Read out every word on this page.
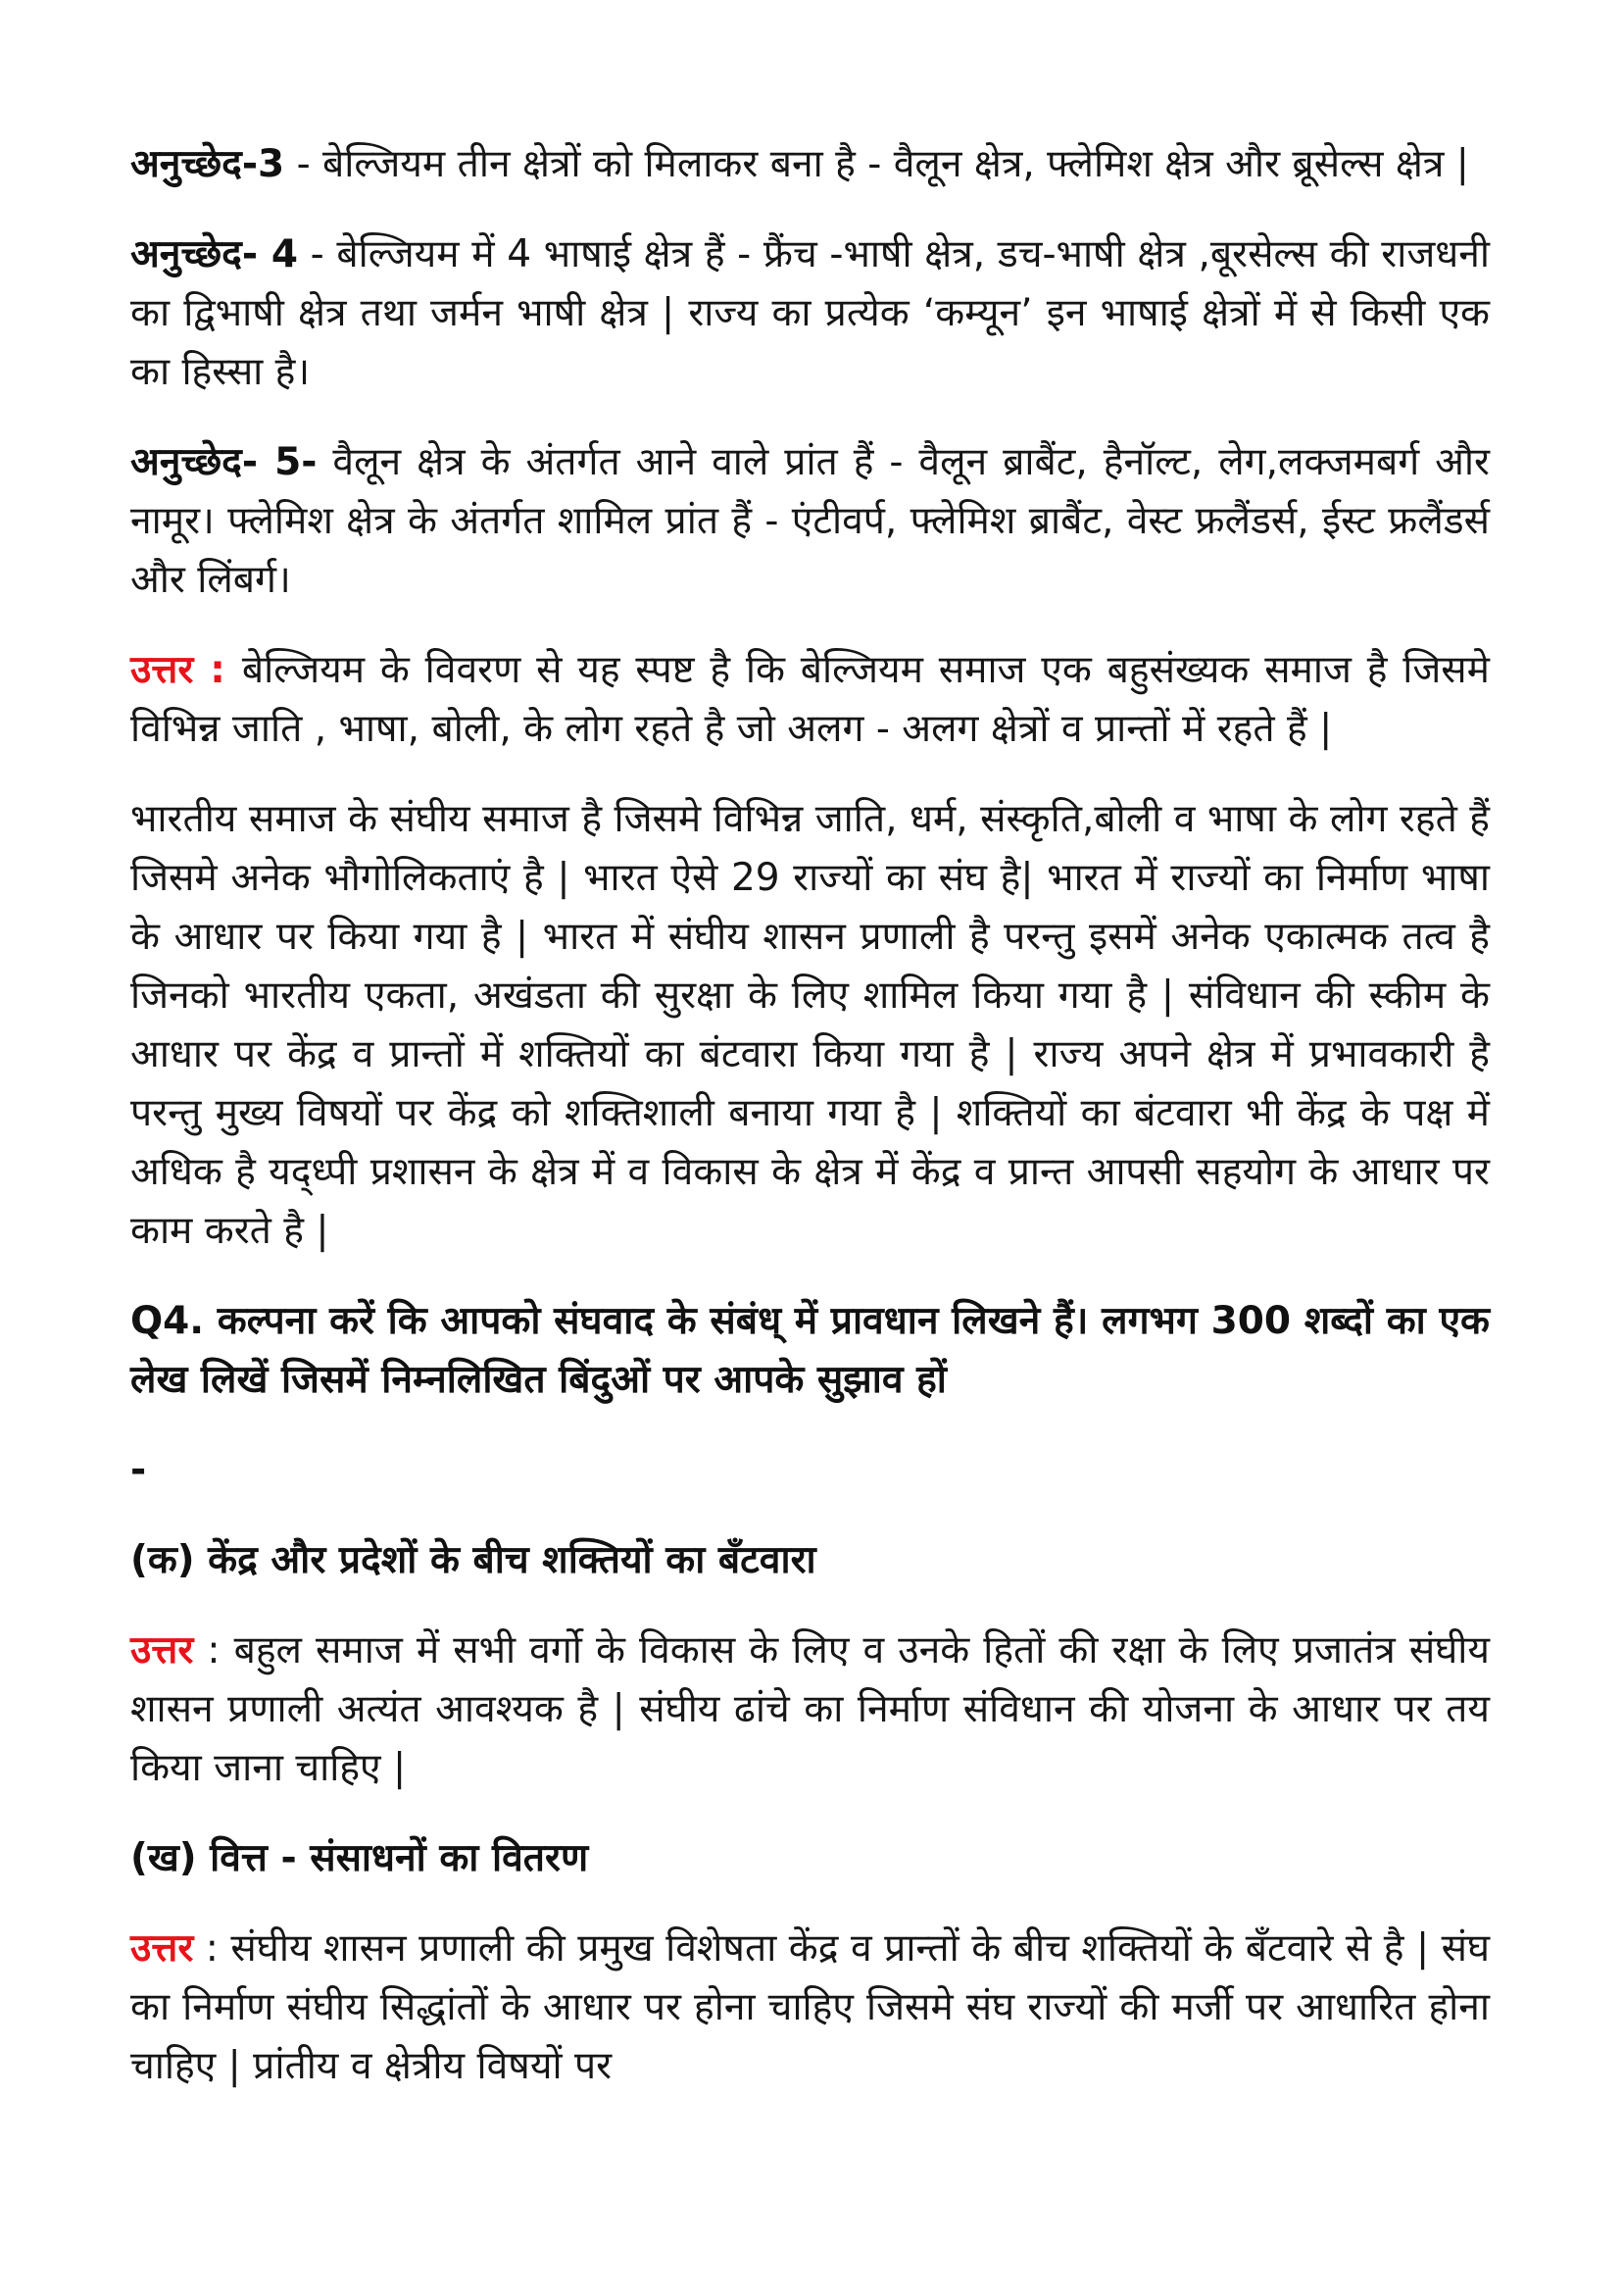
अनुच्छेद-3 - बेल्जियम तीन क्षेत्रों को मिलाकर बना है - वैलून क्षेत्र, फ्लेमिश क्षेत्र और ब्रूसेल्स क्षेत्र |

अनुच्छेद- 4 - बेल्जियम में 4 भाषाई क्षेत्र हैं - फ्रैंच -भाषी क्षेत्र, डच-भाषी क्षेत्र ,बूरसेल्स की राजधनी का द्विभाषी क्षेत्र तथा जर्मन भाषी क्षेत्र | राज्य का प्रत्येक ‘कम्यून’ इन भाषाई क्षेत्रों में से किसी एक का हिस्सा है।

अनुच्छेद- 5- वैलून क्षेत्र के अंतर्गत आने वाले प्रांत हैं - वैलून ब्राबैंट, हैनॉल्ट, लेग,लक्जमबर्ग और नामूर। फ्लेमिश क्षेत्र के अंतर्गत शामिल प्रांत हैं - एंटीवर्प, फ्लेमिश ब्राबैंट, वेस्ट फ्रलैंडर्स, ईस्ट फ्रलैंडर्स और लिंबर्ग।

उत्तर : बेल्जियम के विवरण से यह स्पष्ट है कि बेल्जियम समाज एक बहुसंख्यक समाज है जिसमे विभिन्न जाति , भाषा, बोली, के लोग रहते है जो अलग - अलग क्षेत्रों व प्रान्तों में रहते हैं |

भारतीय समाज के संघीय समाज है जिसमे विभिन्न जाति, धर्म, संस्कृति,बोली व भाषा के लोग रहते हैं जिसमे अनेक भौगोलिकताएं है | भारत ऐसे 29 राज्यों का संघ है| भारत में राज्यों का निर्माण भाषा के आधार पर किया गया है | भारत में संघीय शासन प्रणाली है परन्तु इसमें अनेक एकात्मक तत्व है जिनको भारतीय एकता, अखंडता की सुरक्षा के लिए शामिल किया गया है | संविधान की स्कीम के आधार पर केंद्र व प्रान्तों में शक्तियों का बंटवारा किया गया है | राज्य अपने क्षेत्र में प्रभावकारी है परन्तु मुख्य विषयों पर केंद्र को शक्तिशाली बनाया गया है | शक्तियों का बंटवारा भी केंद्र के पक्ष में अधिक है यद्ध्पी प्रशासन के क्षेत्र में व विकास के क्षेत्र में केंद्र व प्रान्त आपसी सहयोग के आधार पर काम करते है |

Q4. कल्पना करें कि आपको संघवाद के संबंध् में प्रावधान लिखने हैं। लगभग 300 शब्दों का एक लेख लिखें जिसमें निम्नलिखित बिंदुओं पर आपके सुझाव हों

-

(क) केंद्र और प्रदेशों के बीच शक्तियों का बँटवारा

उत्तर : बहुल समाज में सभी वर्गो के विकास के लिए व उनके हितों की रक्षा के लिए प्रजातंत्र संघीय शासन प्रणाली अत्यंत आवश्यक है | संघीय ढांचे का निर्माण संविधान की योजना के आधार पर तय किया जाना चाहिए |

(ख) वित्त - संसाधनों का वितरण

उत्तर : संघीय शासन प्रणाली की प्रमुख विशेषता केंद्र व प्रान्तों के बीच शक्तियों के बँटवारे से है | संघ का निर्माण संघीय सिद्धांतों के आधार पर होना चाहिए जिसमे संघ राज्यों की मर्जी पर आधारित होना चाहिए | प्रांतीय व क्षेत्रीय विषयों पर
